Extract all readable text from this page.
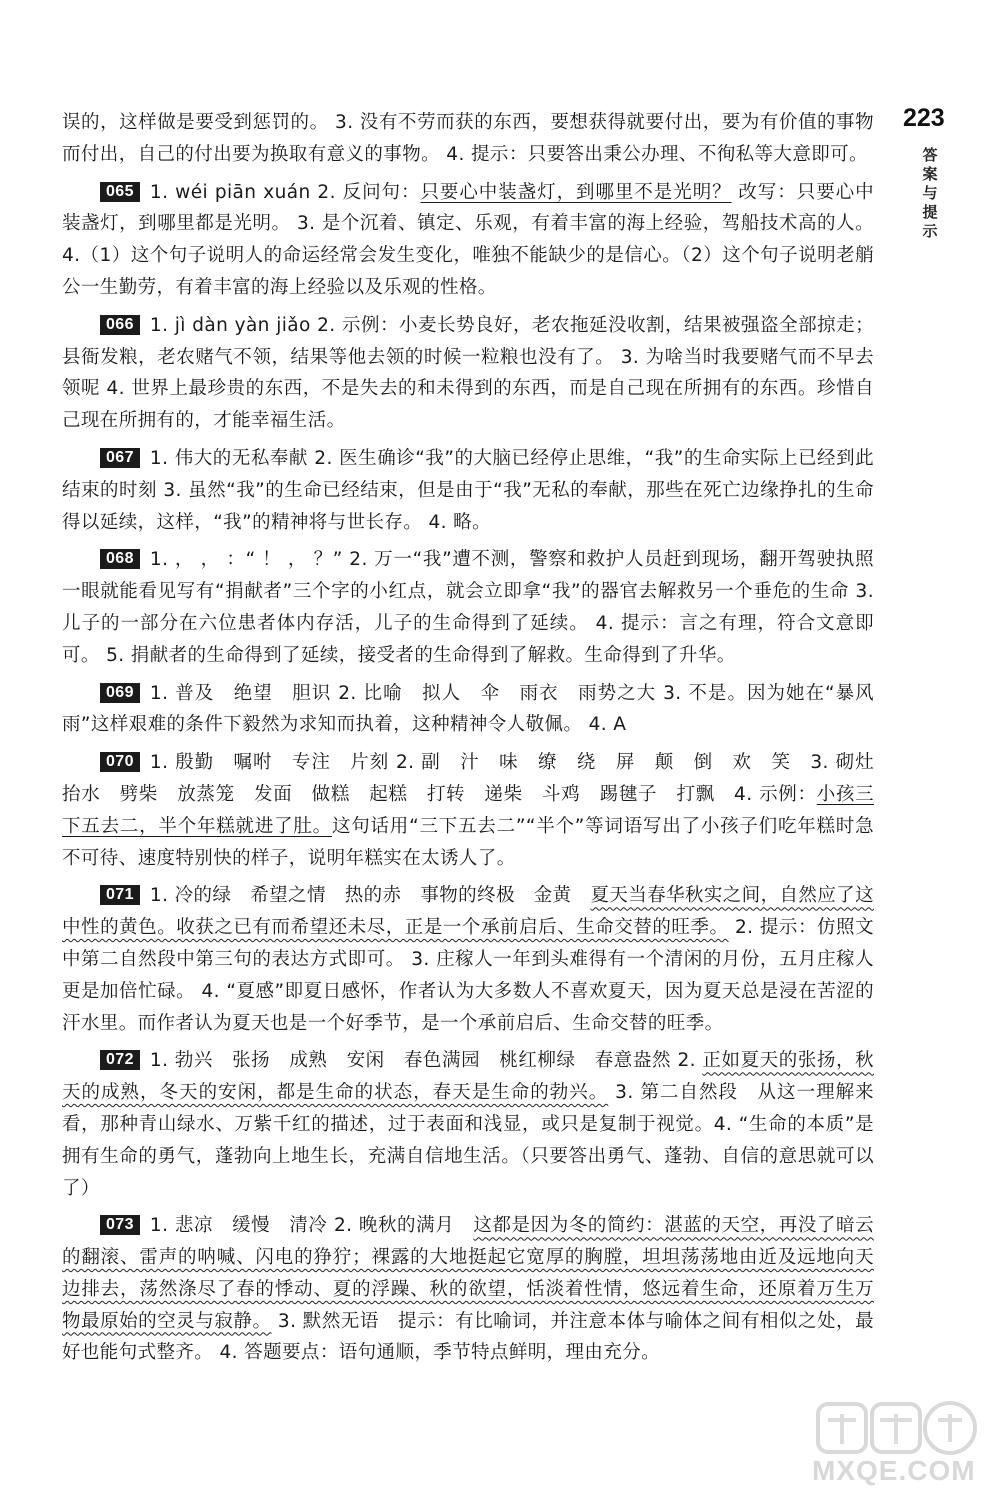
223
答
案
与
提
示

误的，这样做是要受到惩罚的。 3. 没有不劳而获的东西，要想获得就要付出，要为有价值的事物而付出，自己的付出要为换取有意义的事物。 4. 提示：只要答出秉公办理、不徇私等大意即可。

065 1. wéi piān xuán 2. 反问句：只要心中装盏灯，到哪里不是光明？ 改写：只要心中装盏灯，到哪里都是光明。 3. 是个沉着、镇定、乐观，有着丰富的海上经验，驾船技术高的人。 4.（1）这个句子说明人的命运经常会发生变化，唯独不能缺少的是信心。（2）这个句子说明老艄公一生勤劳，有着丰富的海上经验以及乐观的性格。

066 1. jì dàn yàn jiǎo 2. 示例：小麦长势良好，老农拖延没收割，结果被强盗全部掠走；县衙发粮，老农赌气不领，结果等他去领的时候一粒粮也没有了。 3. 为啥当时我要赌气而不早去领呢 4. 世界上最珍贵的东西，不是失去的和未得到的东西，而是自己现在所拥有的东西。珍惜自己现在所拥有的，才能幸福生活。

067 1. 伟大的无私奉献 2. 医生确诊“我”的大脑已经停止思维，“我”的生命实际上已经到此结束的时刻 3. 虽然“我”的生命已经结束，但是由于“我”无私的奉献，那些在死亡边缘挣扎的生命得以延续，这样，“我”的精神将与世长存。 4. 略。

068 1. ， ， ：“ ！ ， ？” 2. 万一“我”遭不测，警察和救护人员赶到现场，翻开驾驶执照一眼就能看见写有“捐献者”三个字的小红点，就会立即拿“我”的器官去解救另一个垂危的生命 3. 儿子的一部分在六位患者体内存活，儿子的生命得到了延续。 4. 提示：言之有理，符合文意即可。 5. 捐献者的生命得到了延续，接受者的生命得到了解救。生命得到了升华。

069 1. 普及　绝望　胆识 2. 比喻　拟人　伞　雨衣　雨势之大 3. 不是。因为她在“暴风雨”这样艰难的条件下毅然为求知而执着，这种精神令人敬佩。 4. A

070 1. 殷勤　嘱咐　专注　片刻 2. 副　汁　味　缭　绕　屏　颠　倒　欢　笑　3. 砌灶　抬水　劈柴　放蒸笼　发面　做糕　起糕　打转　递柴　斗鸡　踢毽子　打飘　4. 示例：小孩三下五去二，半个年糕就进了肚。这句话用“三下五去二”“半个”等词语写出了小孩子们吃年糕时急不可待、速度特别快的样子，说明年糕实在太诱人了。

071 1. 冷的绿　希望之情　热的赤　事物的终极　金黄　夏天当春华秋实之间，自然应了这中性的黄色。收获之已有而希望还未尽，正是一个承前启后、生命交替的旺季。 2. 提示：仿照文中第二自然段中第三句的表达方式即可。 3. 庄稼人一年到头难得有一个清闲的月份，五月庄稼人更是加倍忙碌。 4. “夏感”即夏日感怀，作者认为大多数人不喜欢夏天，因为夏天总是浸在苦涩的汗水里。而作者认为夏天也是一个好季节，是一个承前启后、生命交替的旺季。

072 1. 勃兴　张扬　成熟　安闲　春色满园　桃红柳绿　春意盎然 2. 正如夏天的张扬，秋天的成熟，冬天的安闲，都是生命的状态，春天是生命的勃兴。 3. 第二自然段　从这一理解来看，那种青山绿水、万紫千红的描述，过于表面和浅显，或只是复制于视觉。4. “生命的本质”是拥有生命的勇气，蓬勃向上地生长，充满自信地生活。（只要答出勇气、蓬勃、自信的意思就可以了）

073 1. 悲凉　缓慢　清冷 2. 晚秋的满月　这都是因为冬的简约：湛蓝的天空，再没了暗云的翻滚、雷声的呐喊、闪电的狰狞；裸露的大地挺起它宽厚的胸膛，坦坦荡荡地由近及远地向天边排去，荡然涤尽了春的悸动、夏的浮躁、秋的欲望，恬淡着性情，悠远着生命，还原着万生万物最原始的空灵与寂静。 3. 默然无语　提示：有比喻词，并注意本体与喻体之间有相似之处，最好也能句式整齐。 4. 答题要点：语句通顺，季节特点鲜明，理由充分。

MXQE.COM
